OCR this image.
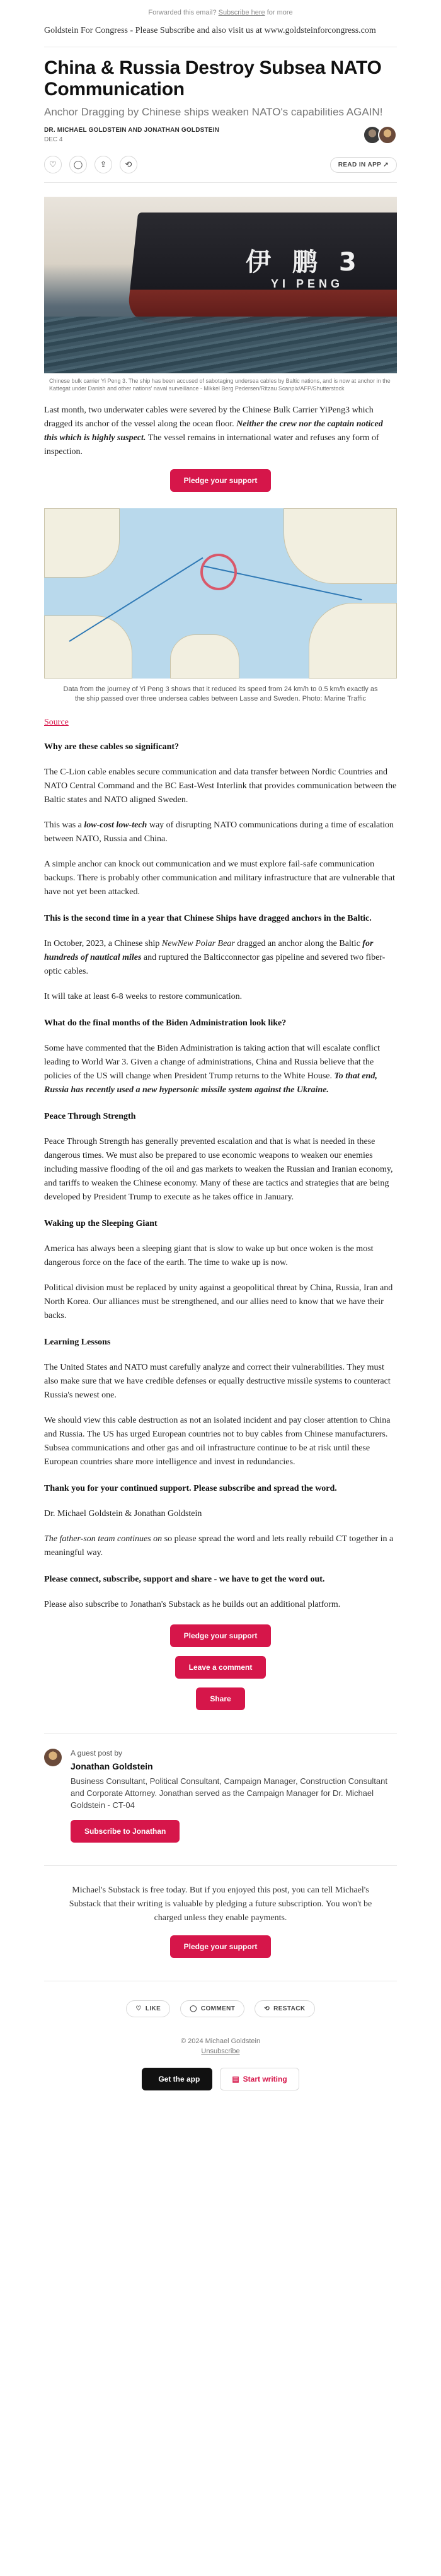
Forwarded this email? Subscribe here for more
Goldstein For Congress - Please Subscribe and also visit us at www.goldsteinforcongress.com
China & Russia Destroy Subsea NATO Communication
Anchor Dragging by Chinese ships weaken NATO's capabilities AGAIN!
DR. MICHAEL GOLDSTEIN AND JONATHAN GOLDSTEIN
DEC 4
♡	◯	⇪	⟲	READ IN APP ↗
伊 鹏 3
YI PENG
Chinese bulk carrier Yi Peng 3. The ship has been accused of sabotaging undersea cables by Baltic nations, and is now at anchor in the Kattegat under Danish and other nations' naval surveillance - Mikkel Berg Pedersen/Ritzau Scanpix/AFP/Shutterstock

Last month, two underwater cables were severed by the Chinese Bulk Carrier YiPeng3 which dragged its anchor of the vessel along the ocean floor. Neither the crew nor the captain noticed this which is highly suspect. The vessel remains in international water and refuses any form of inspection.

Pledge your support
Data from the journey of Yi Peng 3 shows that it reduced its speed from 24 km/h to 0.5 km/h exactly as the ship passed over three undersea cables between Lasse and Sweden. Photo: Marine Traffic
Source
Why are these cables so significant?

The C-Lion cable enables secure communication and data transfer between Nordic Countries and NATO Central Command and the BC East-West Interlink that provides communication between the Baltic states and NATO aligned Sweden.

This was a low-cost low-tech way of disrupting NATO communications during a time of escalation between NATO, Russia and China.

A simple anchor can knock out communication and we must explore fail-safe communication backups. There is probably other communication and military infrastructure that are vulnerable that have not yet been attacked.

This is the second time in a year that Chinese Ships have dragged anchors in the Baltic.

In October, 2023, a Chinese ship NewNew Polar Bear dragged an anchor along the Baltic for hundreds of nautical miles and ruptured the Balticconnector gas pipeline and severed two fiber-optic cables.

It will take at least 6-8 weeks to restore communication.

What do the final months of the Biden Administration look like?

Some have commented that the Biden Administration is taking action that will escalate conflict leading to World War 3. Given a change of administrations, China and Russia believe that the policies of the US will change when President Trump returns to the White House. To that end, Russia has recently used a new hypersonic missile system against the Ukraine.

Peace Through Strength

Peace Through Strength has generally prevented escalation and that is what is needed in these dangerous times. We must also be prepared to use economic weapons to weaken our enemies including massive flooding of the oil and gas markets to weaken the Russian and Iranian economy, and tariffs to weaken the Chinese economy. Many of these are tactics and strategies that are being developed by President Trump to execute as he takes office in January.

Waking up the Sleeping Giant

America has always been a sleeping giant that is slow to wake up but once woken is the most dangerous force on the face of the earth. The time to wake up is now.

Political division must be replaced by unity against a geopolitical threat by China, Russia, Iran and North Korea. Our alliances must be strengthened, and our allies need to know that we have their backs.

Learning Lessons

The United States and NATO must carefully analyze and correct their vulnerabilities. They must also make sure that we have credible defenses or equally destructive missile systems to counteract Russia's newest one.

We should view this cable destruction as not an isolated incident and pay closer attention to China and Russia. The US has urged European countries not to buy cables from Chinese manufacturers. Subsea communications and other gas and oil infrastructure continue to be at risk until these European countries share more intelligence and invest in redundancies.

Thank you for your continued support. Please subscribe and spread the word.

Dr. Michael Goldstein & Jonathan Goldstein

The father-son team continues on so please spread the word and lets really rebuild CT together in a meaningful way.

Please connect, subscribe, support and share - we have to get the word out.

Please also subscribe to Jonathan's Substack as he builds out an additional platform.

Pledge your support
Leave a comment
Share
A guest post by
Jonathan Goldstein
Business Consultant, Political Consultant, Campaign Manager, Construction Consultant and Corporate Attorney. Jonathan served as the Campaign Manager for Dr. Michael Goldstein - CT-04
Subscribe to Jonathan
Michael's Substack is free today. But if you enjoyed this post, you can tell Michael's Substack that their writing is valuable by pledging a future subscription. You won't be charged unless they enable payments.
Pledge your support
♡ LIKE	◯ COMMENT	⟲ RESTACK
© 2024 Michael Goldstein
Unsubscribe
Get the app	▤ Start writing
